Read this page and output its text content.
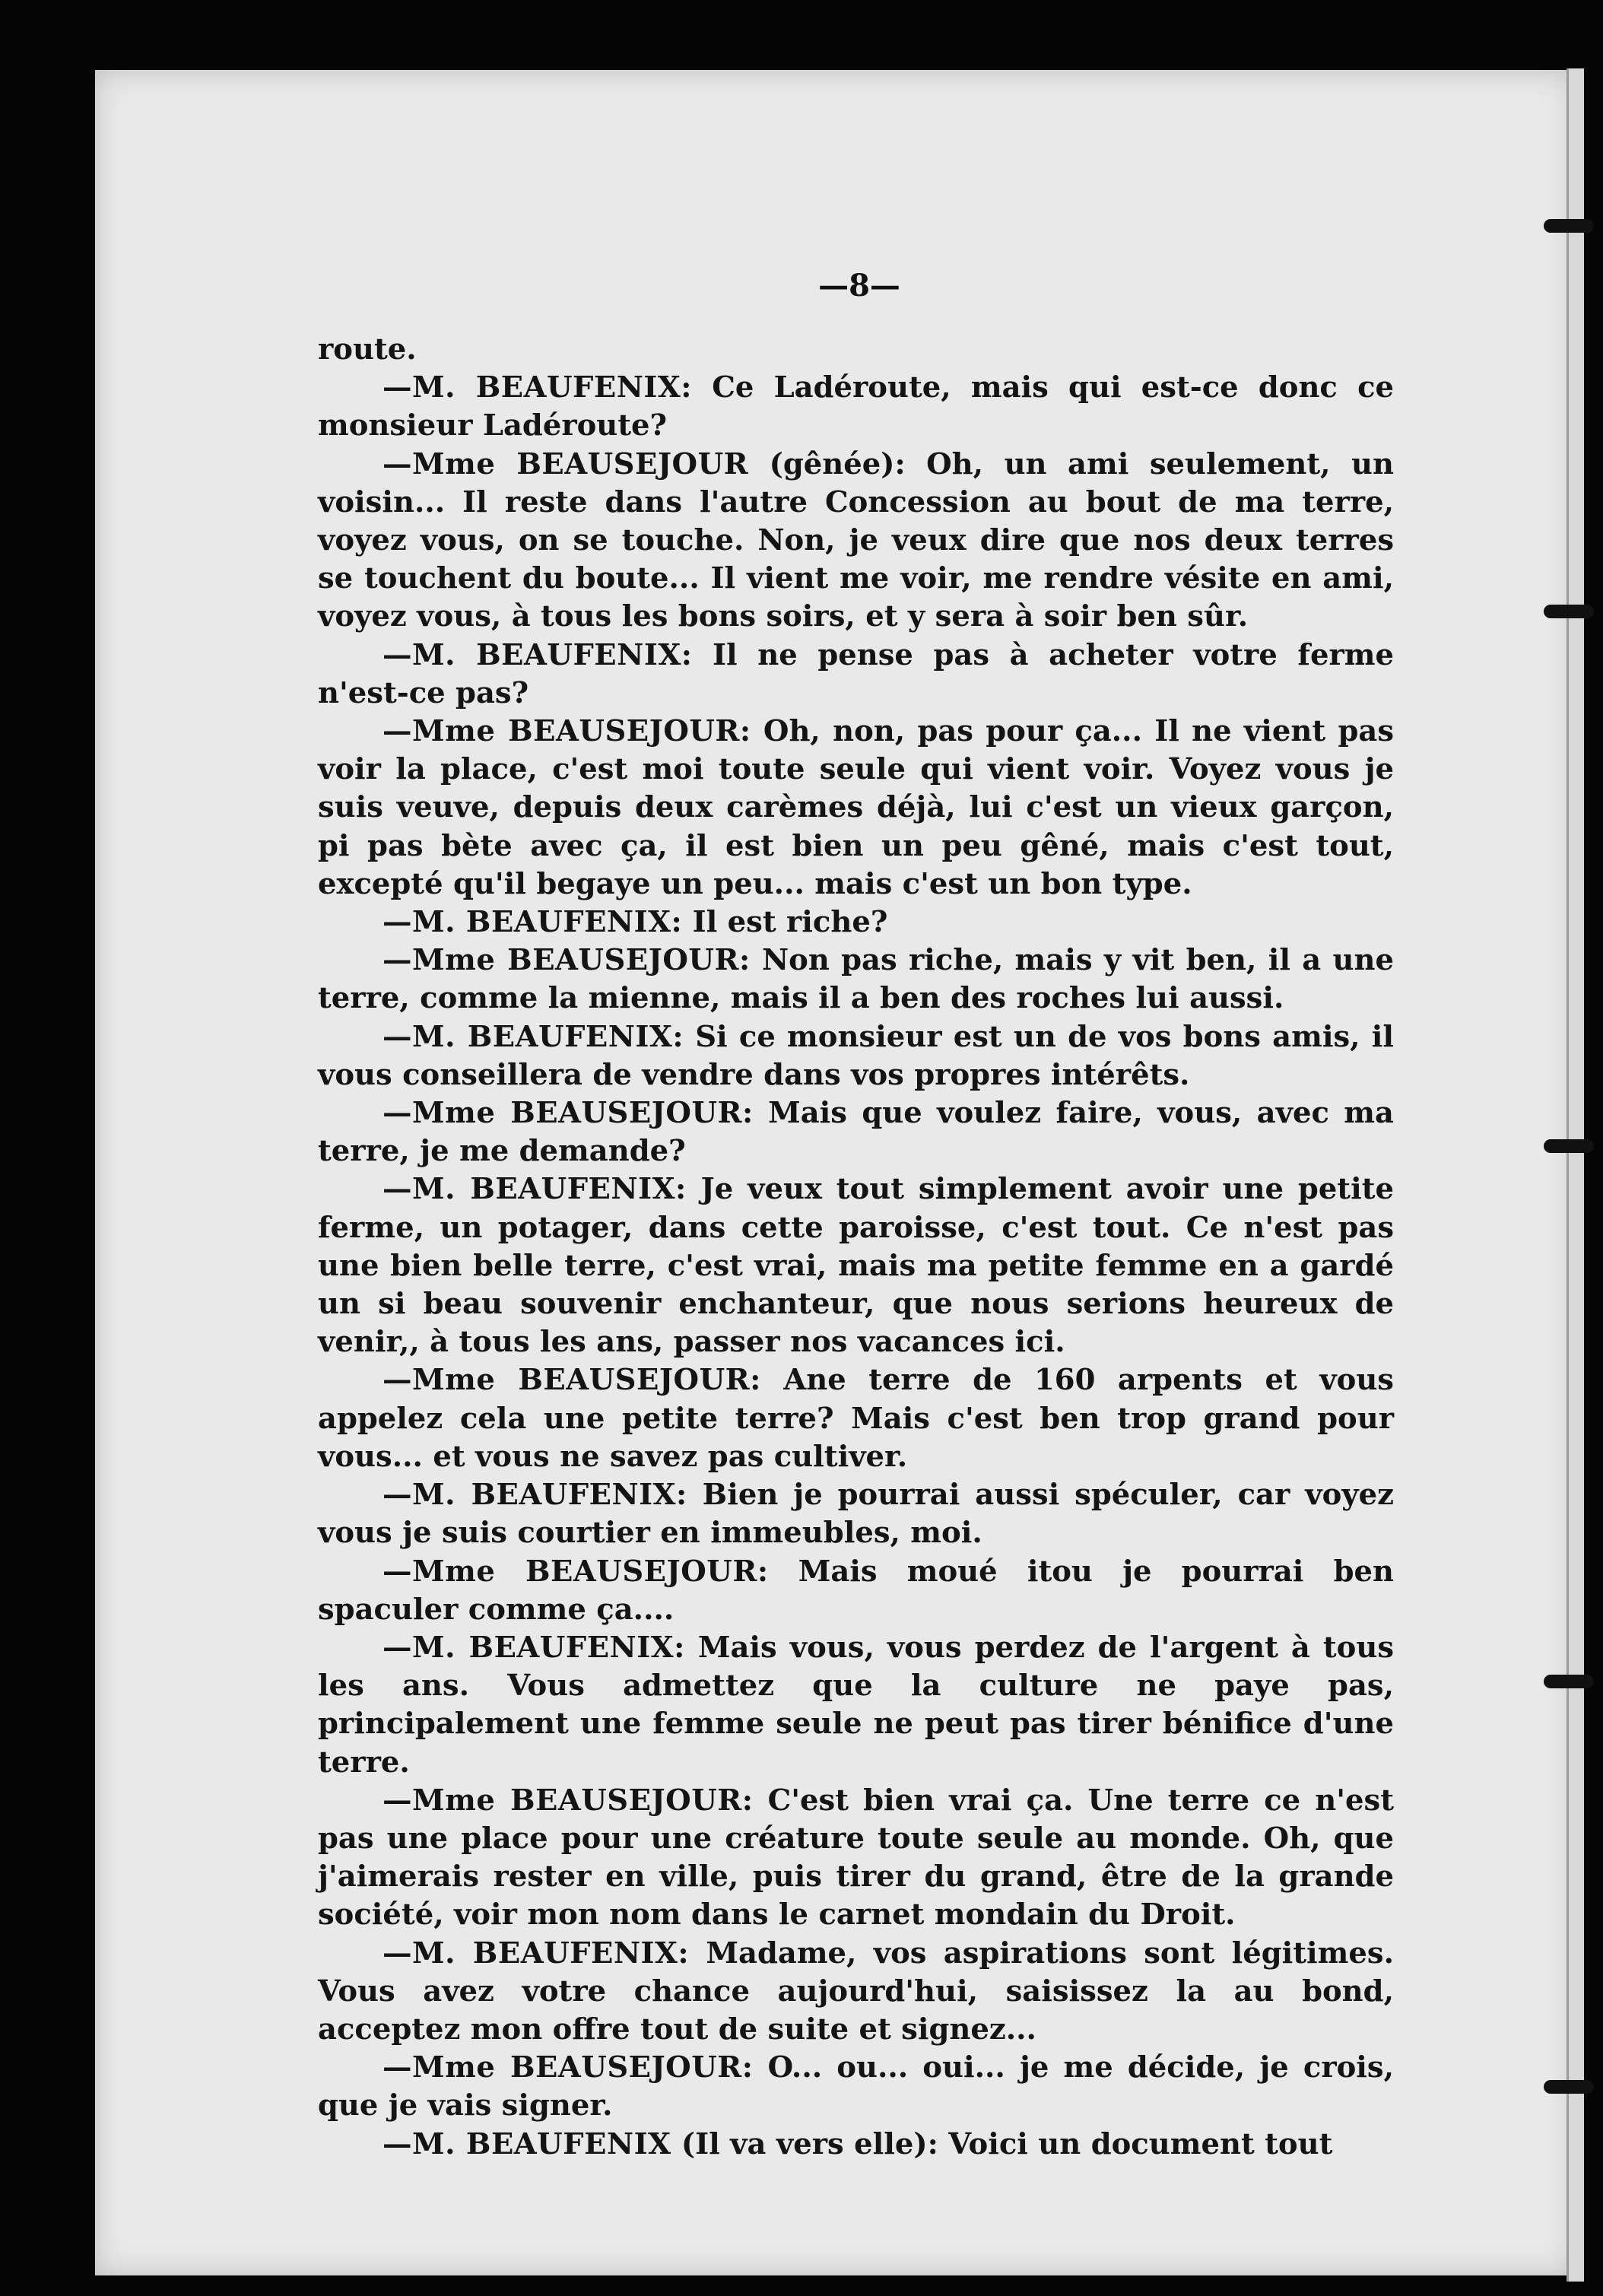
—8—

route.

—M. BEAUFENIX: Ce Ladéroute, mais qui est-ce donc ce monsieur Ladéroute?

—Mme BEAUSEJOUR (gênée): Oh, un ami seulement, un voisin... Il reste dans l'autre Concession au bout de ma terre, voyez vous, on se touche. Non, je veux dire que nos deux terres se touchent du boute... Il vient me voir, me rendre vésite en ami, voyez vous, à tous les bons soirs, et y sera à soir ben sûr.

—M. BEAUFENIX: Il ne pense pas à acheter votre ferme n'est-ce pas?

—Mme BEAUSEJOUR: Oh, non, pas pour ça... Il ne vient pas voir la place, c'est moi toute seule qui vient voir. Voyez vous je suis veuve, depuis deux carèmes déjà, lui c'est un vieux garçon, pi pas bète avec ça, il est bien un peu gêné, mais c'est tout, excepté qu'il begaye un peu... mais c'est un bon type.

—M. BEAUFENIX: Il est riche?

—Mme BEAUSEJOUR: Non pas riche, mais y vit ben, il a une terre, comme la mienne, mais il a ben des roches lui aussi.

—M. BEAUFENIX: Si ce monsieur est un de vos bons amis, il vous conseillera de vendre dans vos propres intérêts.

—Mme BEAUSEJOUR: Mais que voulez faire, vous, avec ma terre, je me demande?

—M. BEAUFENIX: Je veux tout simplement avoir une petite ferme, un potager, dans cette paroisse, c'est tout. Ce n'est pas une bien belle terre, c'est vrai, mais ma petite femme en a gardé un si beau souvenir enchanteur, que nous serions heureux de venir,, à tous les ans, passer nos vacances ici.

—Mme BEAUSEJOUR: Ane terre de 160 arpents et vous appelez cela une petite terre? Mais c'est ben trop grand pour vous... et vous ne savez pas cultiver.

—M. BEAUFENIX: Bien je pourrai aussi spéculer, car voyez vous je suis courtier en immeubles, moi.

—Mme BEAUSEJOUR: Mais moué itou je pourrai ben spaculer comme ça....

—M. BEAUFENIX: Mais vous, vous perdez de l'argent à tous les ans. Vous admettez que la culture ne paye pas, principalement une femme seule ne peut pas tirer bénifice d'une terre.

—Mme BEAUSEJOUR: C'est bien vrai ça. Une terre ce n'est pas une place pour une créature toute seule au monde. Oh, que j'aimerais rester en ville, puis tirer du grand, être de la grande société, voir mon nom dans le carnet mondain du Droit.

—M. BEAUFENIX: Madame, vos aspirations sont légitimes. Vous avez votre chance aujourd'hui, saisissez la au bond, acceptez mon offre tout de suite et signez...

—Mme BEAUSEJOUR: O... ou... oui... je me décide, je crois, que je vais signer.

—M. BEAUFENIX (Il va vers elle): Voici un document tout
